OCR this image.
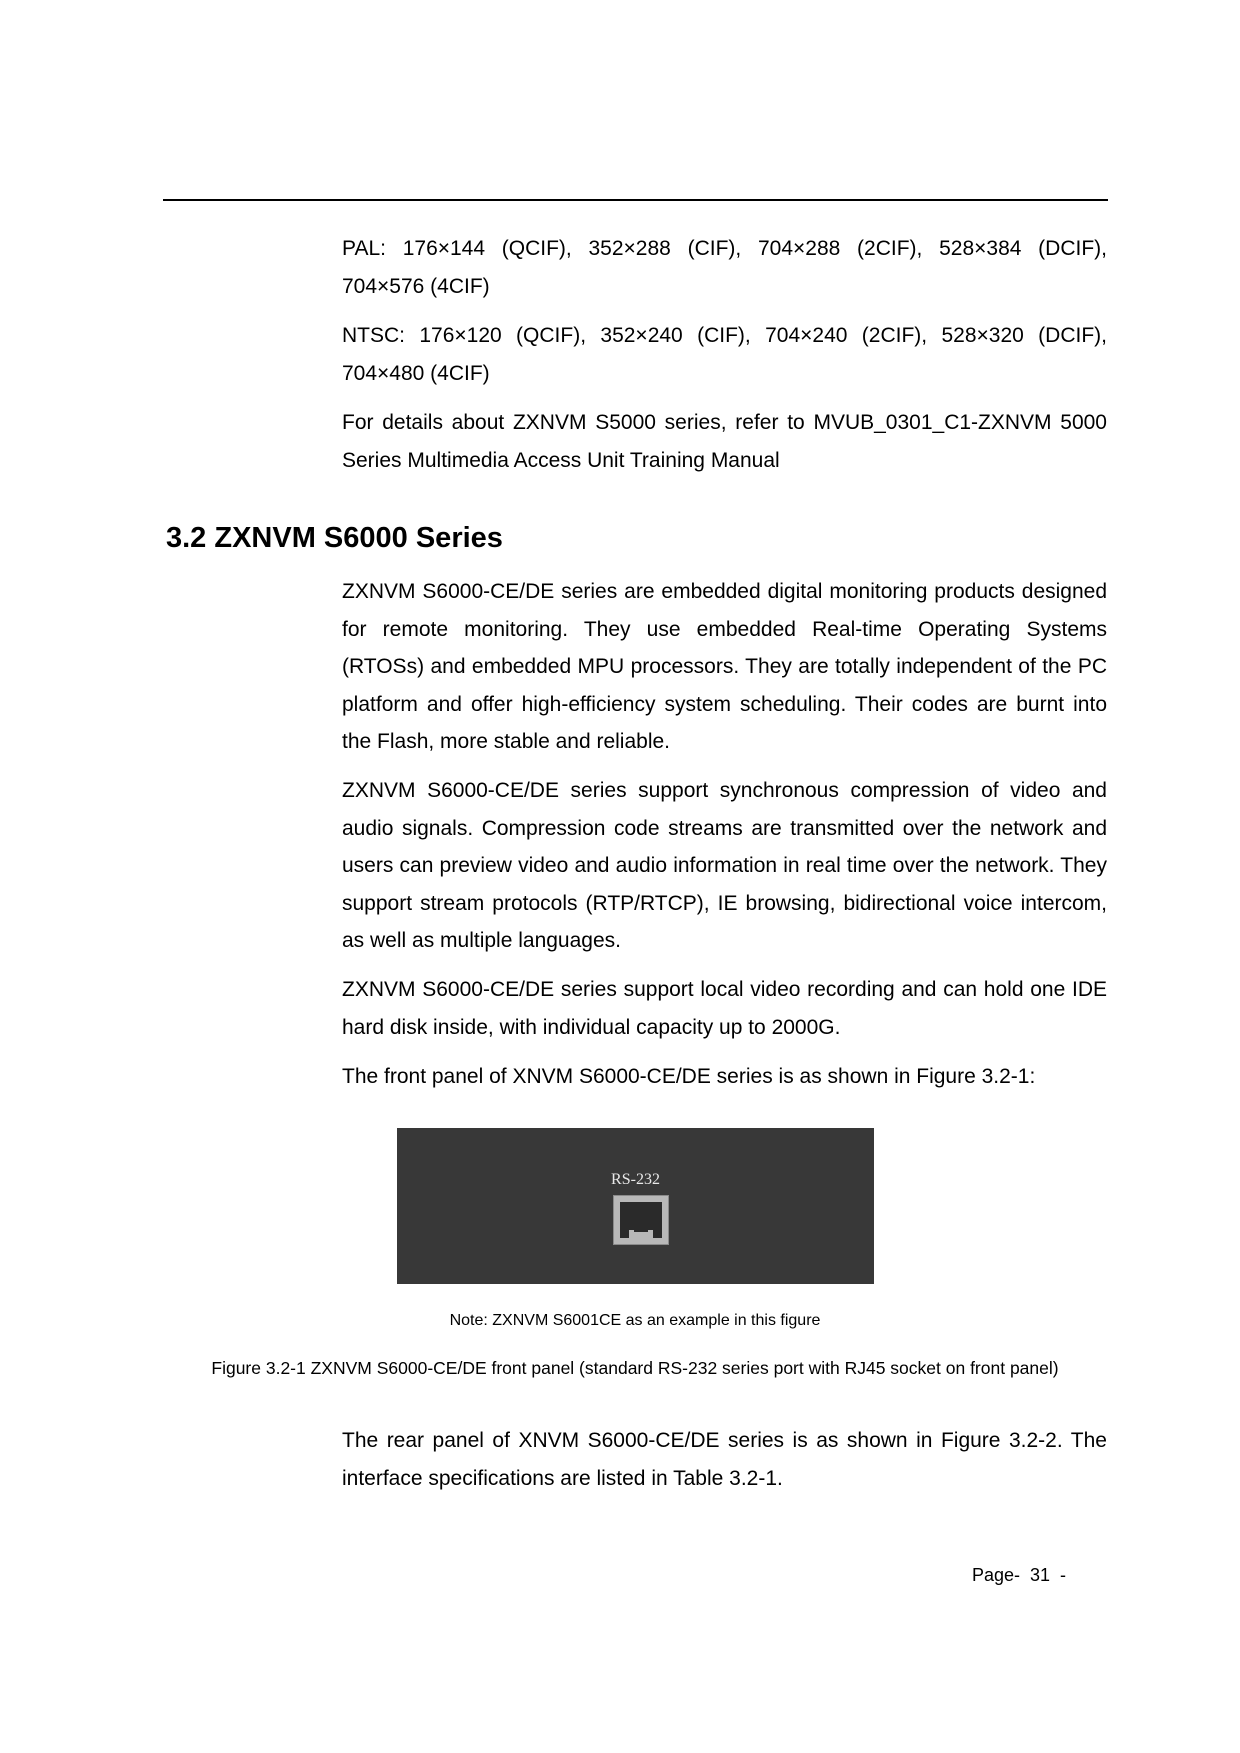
PAL: 176×144 (QCIF), 352×288 (CIF), 704×288 (2CIF), 528×384 (DCIF), 704×576 (4CIF)

NTSC: 176×120 (QCIF), 352×240 (CIF), 704×240 (2CIF), 528×320 (DCIF), 704×480 (4CIF)

For details about ZXNVM S5000 series, refer to MVUB_0301_C1-ZXNVM 5000 Series Multimedia Access Unit Training Manual

3.2 ZXNVM S6000 Series

ZXNVM S6000-CE/DE series are embedded digital monitoring products designed for remote monitoring. They use embedded Real-time Operating Systems (RTOSs) and embedded MPU processors. They are totally independent of the PC platform and offer high-efficiency system scheduling. Their codes are burnt into the Flash, more stable and reliable.

ZXNVM S6000-CE/DE series support synchronous compression of video and audio signals. Compression code streams are transmitted over the network and users can preview video and audio information in real time over the network. They support stream protocols (RTP/RTCP), IE browsing, bidirectional voice intercom, as well as multiple languages.

ZXNVM S6000-CE/DE series support local video recording and can hold one IDE hard disk inside, with individual capacity up to 2000G.

The front panel of XNVM S6000-CE/DE series is as shown in Figure 3.2-1:

RS-232

Note: ZXNVM S6001CE as an example in this figure

Figure 3.2-1 ZXNVM S6000-CE/DE front panel (standard RS-232 series port with RJ45 socket on front panel)

The rear panel of XNVM S6000-CE/DE series is as shown in Figure 3.2-2. The interface specifications are listed in Table 3.2-1.

Page-  31  -
